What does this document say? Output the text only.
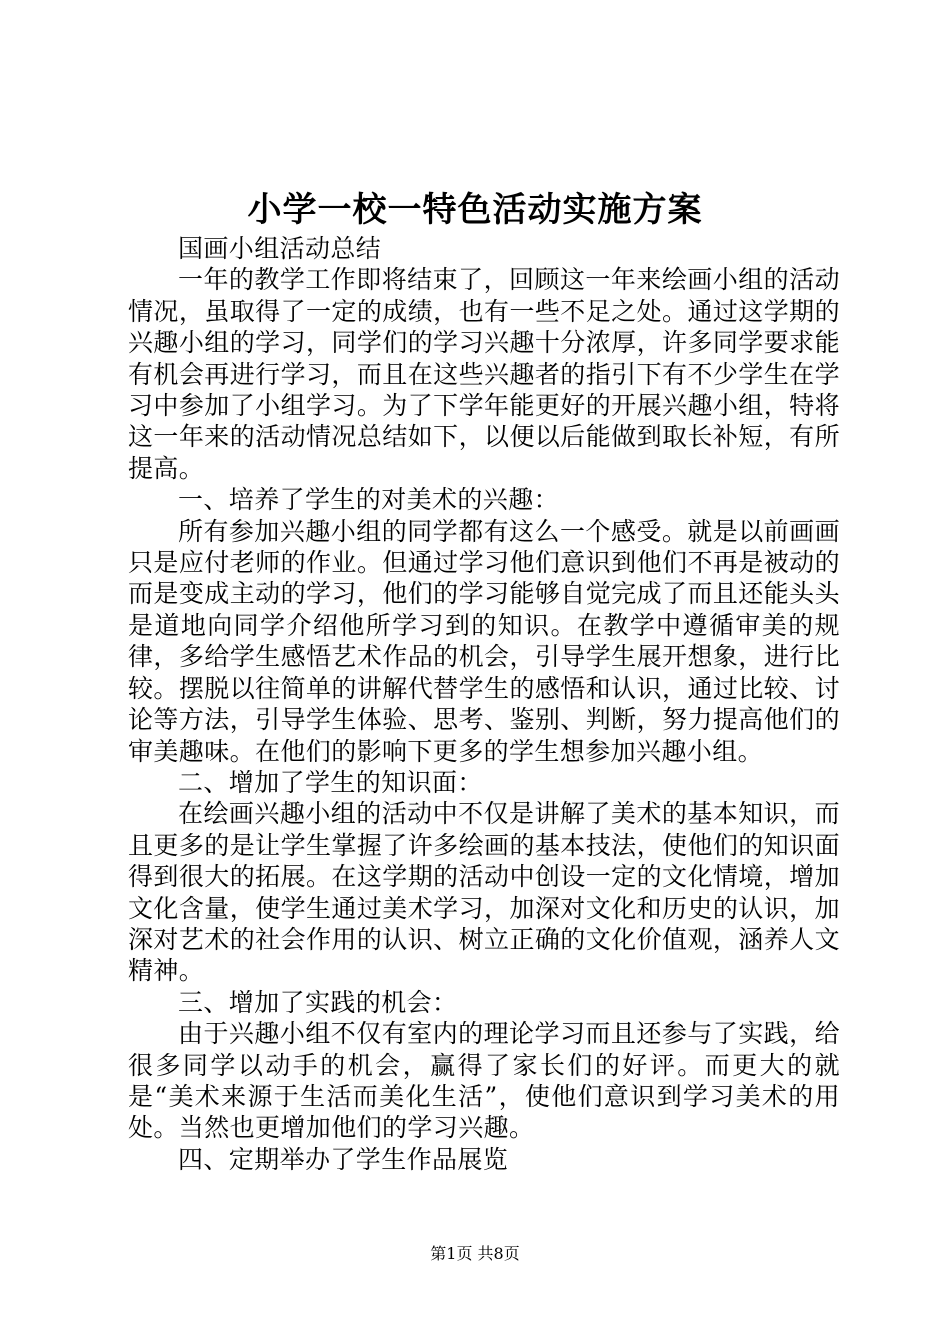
小学一校一特色活动实施方案

国画小组活动总结

一年的教学工作即将结束了，回顾这一年来绘画小组的活动情况，虽取得了一定的成绩，也有一些不足之处。通过这学期的兴趣小组的学习，同学们的学习兴趣十分浓厚，许多同学要求能有机会再进行学习，而且在这些兴趣者的指引下有不少学生在学习中参加了小组学习。为了下学年能更好的开展兴趣小组，特将这一年来的活动情况总结如下，以便以后能做到取长补短，有所提高。

一、培养了学生的对美术的兴趣：

所有参加兴趣小组的同学都有这么一个感受。就是以前画画只是应付老师的作业。但通过学习他们意识到他们不再是被动的而是变成主动的学习，他们的学习能够自觉完成了而且还能头头是道地向同学介绍他所学习到的知识。在教学中遵循审美的规律，多给学生感悟艺术作品的机会，引导学生展开想象，进行比较。摆脱以往简单的讲解代替学生的感悟和认识，通过比较、讨论等方法，引导学生体验、思考、鉴别、判断，努力提高他们的审美趣味。在他们的影响下更多的学生想参加兴趣小组。

二、增加了学生的知识面：

在绘画兴趣小组的活动中不仅是讲解了美术的基本知识，而且更多的是让学生掌握了许多绘画的基本技法，使他们的知识面得到很大的拓展。在这学期的活动中创设一定的文化情境，增加文化含量，使学生通过美术学习，加深对文化和历史的认识，加深对艺术的社会作用的认识、树立正确的文化价值观，涵养人文精神。

三、增加了实践的机会：

由于兴趣小组不仅有室内的理论学习而且还参与了实践，给很多同学以动手的机会，赢得了家长们的好评。而更大的就是“美术来源于生活而美化生活”，使他们意识到学习美术的用处。当然也更增加他们的学习兴趣。

四、定期举办了学生作品展览

第1页 共8页
